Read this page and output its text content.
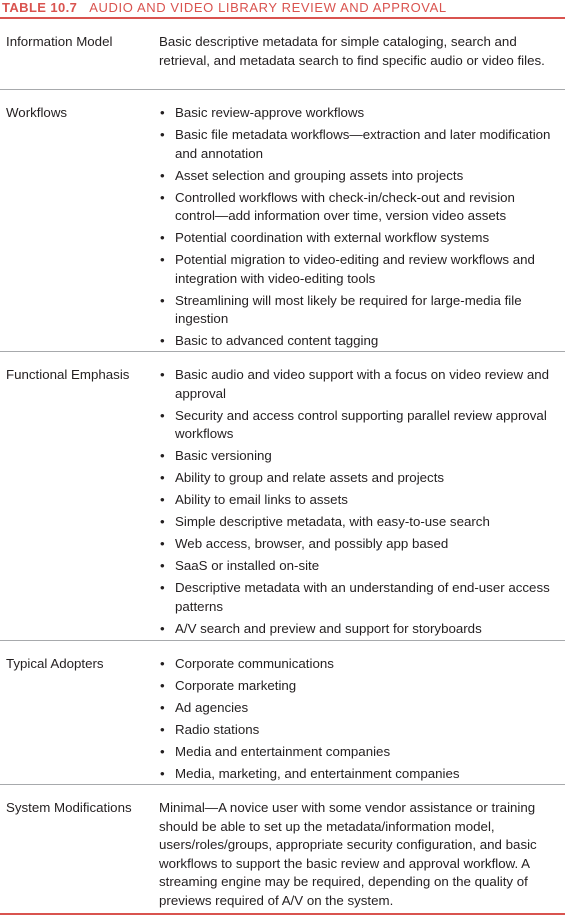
TABLE 10.7 AUDIO AND VIDEO LIBRARY REVIEW AND APPROVAL
Information Model	Basic descriptive metadata for simple cataloging, search and retrieval, and metadata search to find specific audio or video files.

Workflows	• Basic review-approve workflows
• Basic file metadata workflows—extraction and later modification and annotation
• Asset selection and grouping assets into projects
• Controlled workflows with check-in/check-out and revision control—add information over time, version video assets
• Potential coordination with external workflow systems
• Potential migration to video-editing and review workflows and integration with video-editing tools
• Streamlining will most likely be required for large-media file ingestion
• Basic to advanced content tagging
Functional Emphasis	• Basic audio and video support with a focus on video review and approval
• Security and access control supporting parallel review approval workflows
• Basic versioning
• Ability to group and relate assets and projects
• Ability to email links to assets
• Simple descriptive metadata, with easy-to-use search
• Web access, browser, and possibly app based
• SaaS or installed on-site
• Descriptive metadata with an understanding of end-user access patterns
• A/V search and preview and support for storyboards
Typical Adopters	• Corporate communications
• Corporate marketing
• Ad agencies
• Radio stations
• Media and entertainment companies
• Media, marketing, and entertainment companies
System Modifications	Minimal—A novice user with some vendor assistance or training should be able to set up the metadata/information model, users/roles/groups, appropriate security configuration, and basic workflows to support the basic review and approval workflow. A streaming engine may be required, depending on the quality of previews required of A/V on the system.
